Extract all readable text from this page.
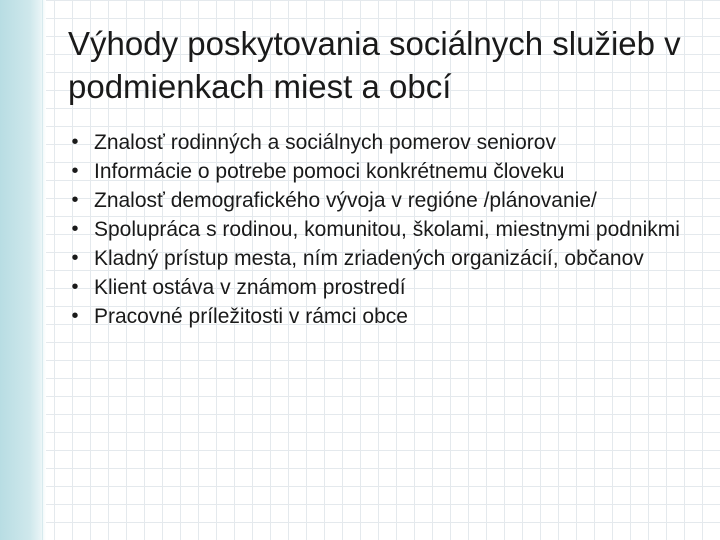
Výhody poskytovania sociálnych služieb v podmienkach miest a obcí
• Znalosť rodinných a sociálnych pomerov seniorov
• Informácie o potrebe pomoci konkrétnemu človeku
• Znalosť demografického vývoja v regióne /plánovanie/
• Spolupráca s rodinou, komunitou, školami, miestnymi podnikmi
• Kladný prístup mesta, ním zriadených organizácií, občanov
• Klient ostáva v známom prostredí
• Pracovné príležitosti v rámci obce
